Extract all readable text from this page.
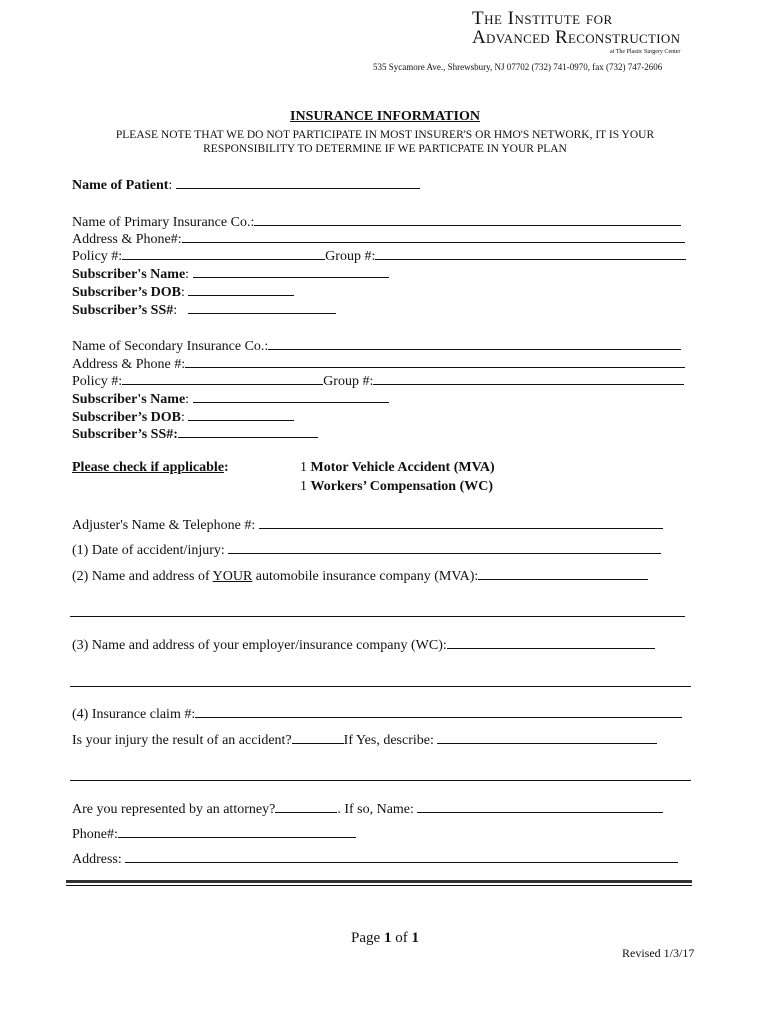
The Institute for
Advanced Reconstruction
at The Plastic Surgery Center
535 Sycamore Ave., Shrewsbury, NJ 07702 (732) 741-0970, fax (732) 747-2606
INSURANCE INFORMATION
PLEASE NOTE THAT WE DO NOT PARTICIPATE IN MOST INSURER'S OR HMO'S NETWORK, IT IS YOUR
RESPONSIBILITY TO DETERMINE IF WE PARTICPATE IN YOUR PLAN
Name of Patient:
Name of Primary Insurance Co.:
Address & Phone#:
Policy #:	Group #:
Subscriber's Name:
Subscriber’s DOB:
Subscriber’s SS#:
Name of Secondary Insurance Co.:
Address & Phone #:
Policy #:	Group #:
Subscriber's Name:
Subscriber’s DOB:
Subscriber’s SS#:
Please check if applicable:	1 Motor Vehicle Accident (MVA)
1 Workers’ Compensation (WC)
Adjuster's Name & Telephone #:
(1) Date of accident/injury:
(2) Name and address of YOUR automobile insurance company (MVA):
(3) Name and address of your employer/insurance company (WC):
(4) Insurance claim #:
Is your injury the result of an accident?	If Yes, describe:
Are you represented by an attorney?	. If so, Name:
Phone#:
Address:
Page 1 of 1
Revised 1/3/17
